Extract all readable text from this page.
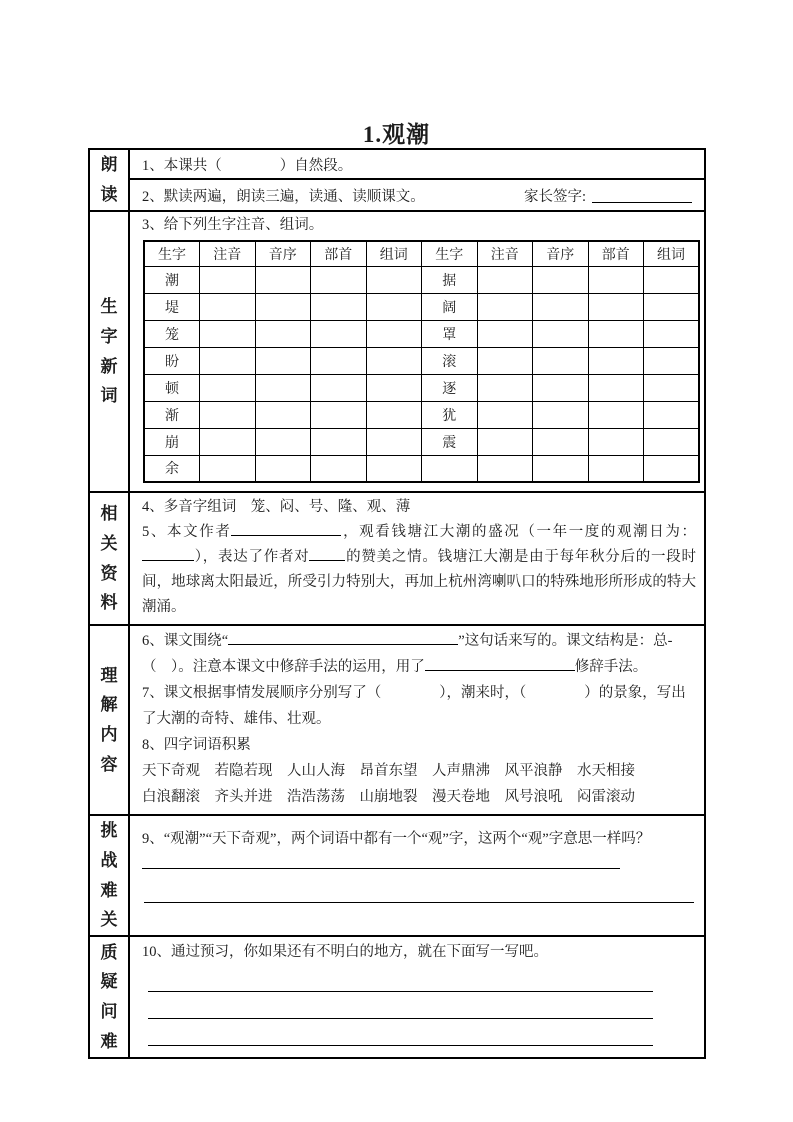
1.观潮
朗读
1、本课共（　　　　）自然段。
2、默读两遍，朗读三遍，读通、读顺课文。	家长签字:
生字新词

3、给下列生字注音、组词。

生字	注音	音序	部首	组词	生字	注音	音序	部首	组词
潮					据				
堤					阔				
笼					罩				
盼					滚				
顿					逐				
渐					犹				
崩					震				
余									
相关资料

4、多音字组词　笼、闷、号、隆、观、薄

5、本文作者	，观看钱塘江大潮的盛况（一年一度的观潮日为：），表达了作者对 的赞美之情。钱塘江大潮是由于每年秋分后的一段时间，地球离太阳最近，所受引力特别大，再加上杭州湾喇叭口的特殊地形所形成的特大潮涌。

理解内容

6、课文围绕“	”这句话来写的。课文结构是：总-（　）。注意本课文中修辞手法的运用，用了	修辞手法。

7、课文根据事情发展顺序分别写了（　　　　），潮来时，（　　　　）的景象，写出了大潮的奇特、雄伟、壮观。

8、四字词语积累

天下奇观　若隐若现　人山人海　昂首东望　人声鼎沸　风平浪静　水天相接

白浪翻滚　齐头并进　浩浩荡荡　山崩地裂　漫天卷地　风号浪吼　闷雷滚动

挑战难关

9、“观潮”“天下奇观”，两个词语中都有一个“观”字，这两个“观”字意思一样吗？

质疑问难

10、通过预习，你如果还有不明白的地方，就在下面写一写吧。
